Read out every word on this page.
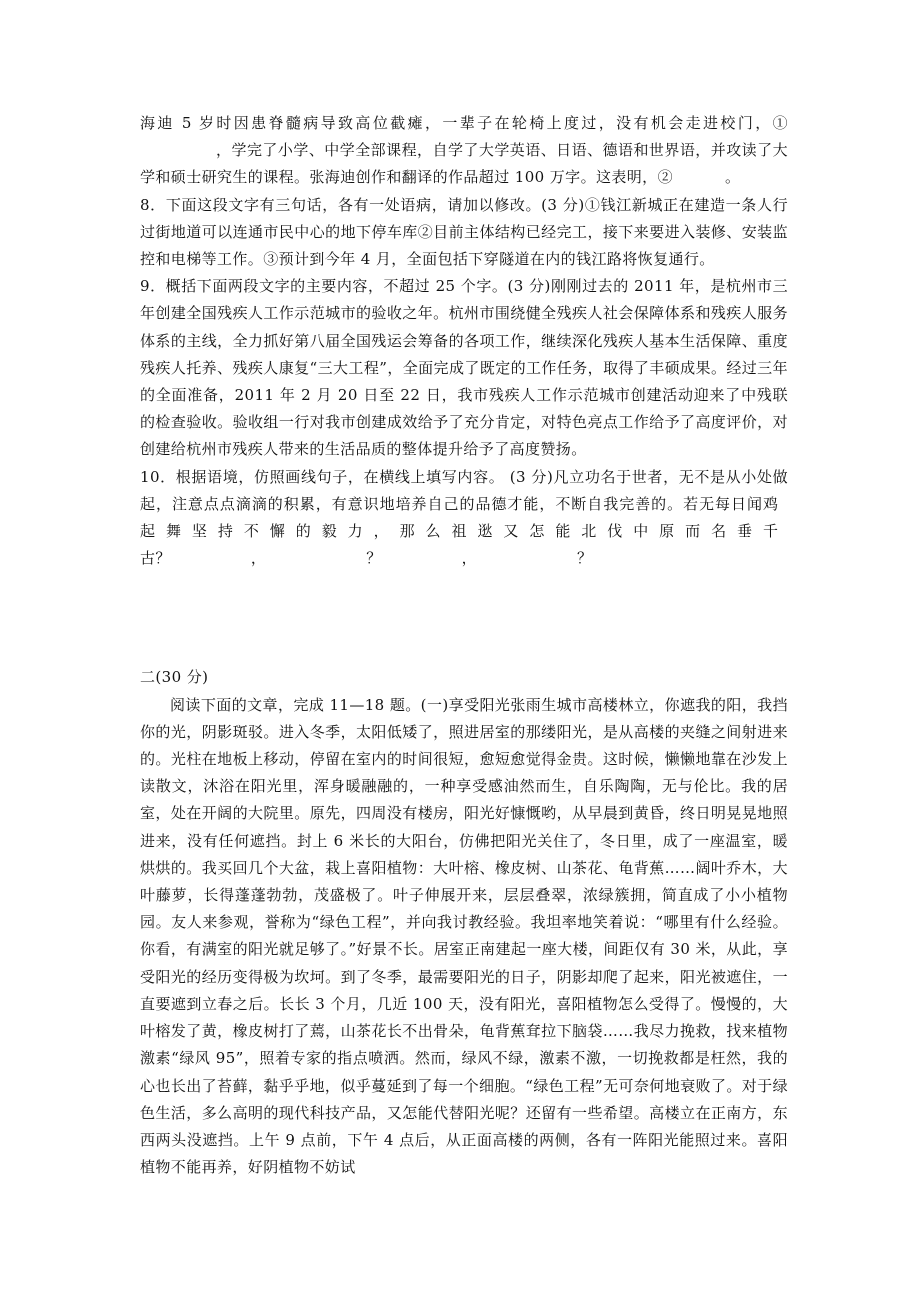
海迪 5 岁时因患脊髓病导致高位截瘫，一辈子在轮椅上度过，没有机会走进校门，①，学完了小学、中学全部课程，自学了大学英语、日语、德语和世界语，并攻读了大学和硕士研究生的课程。张海迪创作和翻译的作品超过 100 万字。这表明，②	。

8．下面这段文字有三句话，各有一处语病，请加以修改。(3 分)①钱江新城正在建造一条人行过街地道可以连通市民中心的地下停车库②目前主体结构已经完工，接下来要进入装修、安装监控和电梯等工作。③预计到今年 4 月，全面包括下穿隧道在内的钱江路将恢复通行。

9．概括下面两段文字的主要内容，不超过 25 个字。(3 分)刚刚过去的 2011 年，是杭州市三年创建全国残疾人工作示范城市的验收之年。杭州市围绕健全残疾人社会保障体系和残疾人服务体系的主线，全力抓好第八届全国残运会筹备的各项工作，继续深化残疾人基本生活保障、重度残疾人托养、残疾人康复“三大工程”，全面完成了既定的工作任务，取得了丰硕成果。经过三年的全面准备，2011 年 2 月 20 日至 22 日，我市残疾人工作示范城市创建活动迎来了中残联的检查验收。验收组一行对我市创建成效给予了充分肯定，对特色亮点工作给予了高度评价，对创建给杭州市残疾人带来的生活品质的整体提升给予了高度赞扬。

10．根据语境，仿照画线句子，在横线上填写内容。 (3 分)凡立功名于世者，无不是从小处做起，注意点点滴滴的积累，有意识地培养自己的品德才能，不断自我完善的。若无每日闻鸡起舞坚持不懈的毅力，那么祖逖又怎能北伐中原而名垂千古？	，	？	，	？

二(30 分)

阅读下面的文章，完成 11—18 题。(一)享受阳光张雨生城市高楼林立，你遮我的阳，我挡你的光，阴影斑驳。进入冬季，太阳低矮了，照进居室的那缕阳光，是从高楼的夹缝之间射进来的。光柱在地板上移动，停留在室内的时间很短，愈短愈觉得金贵。这时候，懒懒地靠在沙发上读散文，沐浴在阳光里，浑身暖融融的，一种享受感油然而生，自乐陶陶，无与伦比。我的居室，处在开阔的大院里。原先，四周没有楼房，阳光好慷慨哟，从早晨到黄昏，终日明晃晃地照进来，没有任何遮挡。封上 6 米长的大阳台，仿佛把阳光关住了，冬日里，成了一座温室，暖烘烘的。我买回几个大盆，栽上喜阳植物：大叶榕、橡皮树、山茶花、龟背蕉……阔叶乔木，大叶藤萝，长得蓬蓬勃勃，茂盛极了。叶子伸展开来，层层叠翠，浓绿簇拥，简直成了小小植物园。友人来参观，誉称为“绿色工程”，并向我讨教经验。我坦率地笑着说：“哪里有什么经验。你看，有满室的阳光就足够了。”好景不长。居室正南建起一座大楼，间距仅有 30 米，从此，享受阳光的经历变得极为坎坷。到了冬季，最需要阳光的日子，阴影却爬了起来，阳光被遮住，一直要遮到立春之后。长长 3 个月，几近 100 天，没有阳光，喜阳植物怎么受得了。慢慢的，大叶榕发了黄，橡皮树打了蔫，山茶花长不出骨朵，龟背蕉耷拉下脑袋……我尽力挽救，找来植物激素“绿风 95”，照着专家的指点喷洒。然而，绿风不绿，激素不激，一切挽救都是枉然，我的心也长出了苔藓，黏乎乎地，似乎蔓延到了每一个细胞。“绿色工程”无可奈何地衰败了。对于绿色生活，多么高明的现代科技产品，又怎能代替阳光呢？还留有一些希望。高楼立在正南方，东西两头没遮挡。上午 9 点前，下午 4 点后，从正面高楼的两侧，各有一阵阳光能照过来。喜阳植物不能再养，好阴植物不妨试
